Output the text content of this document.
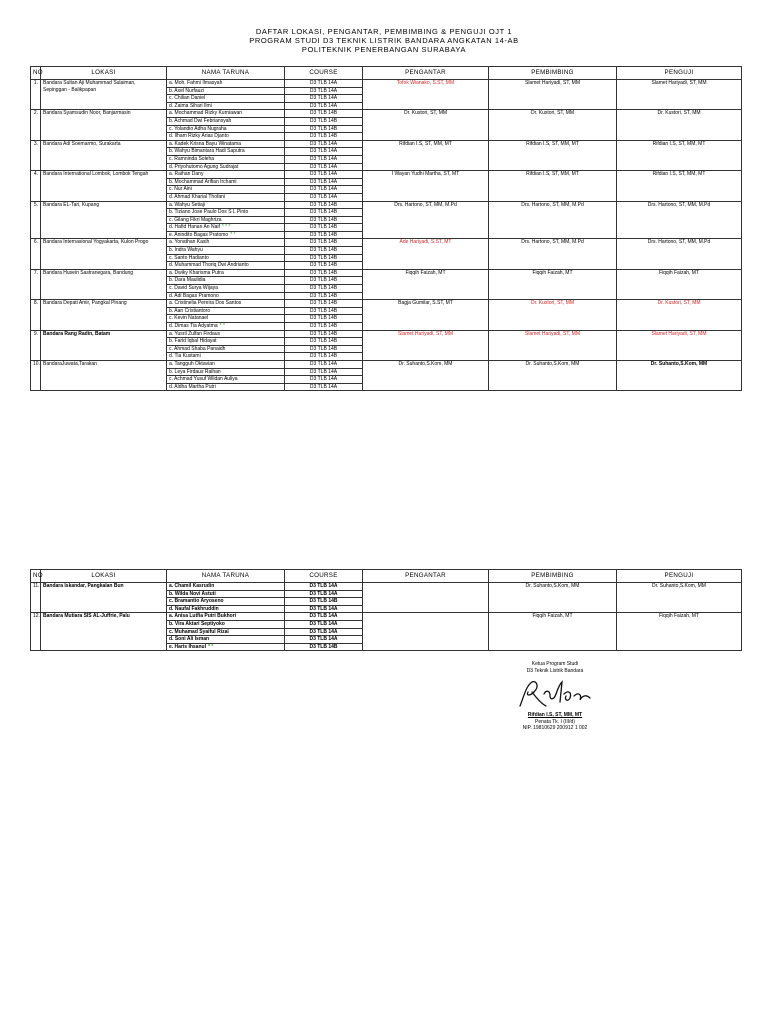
DAFTAR LOKASI, PENGANTAR, PEMBIMBING & PENGUJI OJT 1
PROGRAM STUDI D3 TEKNIK LISTRIK BANDARA ANGKATAN 14-AB
POLITEKNIK PENERBANGAN SURABAYA
NO	LOKASI	NAMA TARUNA	COURSE	PENGANTAR	PEMBIMBING	PENGUJI
1.	Bandara Sultan Aji Muhammad Sulaiman,
Sepinggan - Balikpapan	a. Moh. Fahmi Ilmasyah	D3 TLB 14A	Tofok Wianako, S.ST, MM	Slamet Hariyadi, ST, MM	Slamet Hariyadi, ST, MM
		b. Axel Nurfauzi	D3 TLB 14A			
		c. Chilian Daniel	D3 TLB 14A			
		d. Zaima Sihari Ilmi	D3 TLB 14A			
2.	Bandara Syamsudin Noor, Banjarmasin	a. Mochammad Rizky Kurniawan	D3 TLB 14B	Dr. Kustori, ST, MM	Dr. Kustori, ST, MM	Dr. Kustori, ST, MM
		b. Achmad Dwi Febriansyah	D3 TLB 14B			
		c. Yolandio Adha Nugraha	D3 TLB 14B			
		d. Ilham Rizky Arias Djanto	D3 TLB 14B			
3.	Bandara Adi Soemarmo, Surakarta	a. Kadek Krisna Bayu Winatama	D3 TLB 14A	Rifdian I.S, ST, MM, MT	Rifdian I.S, ST, MM, MT	Rifdian I.S, ST, MM, MT
		b. Wahyu Bimantara Hadi Saputra	D3 TLB 14A			
		c. Ramninda Soleha	D3 TLB 14A			
		d. Priyohutomo Agung Sudrajat	D3 TLB 14A			
4.	Bandara International Lombok, Lombok Tengah	a. Raihan Dany	D3 TLB 14A	I Wayan Yudhi Martha, ST, MT	Rifdian I.S, ST, MM, MT	Rifdian I.S, ST, MM, MT
		b. Mochammad Arifian Irchami	D3 TLB 14A			
		c. Nur Aini	D3 TLB 14A			
		d. Ahmad Kharial Thofani	D3 TLB 14A			
5.	Bandara EL-Tari, Kupang	a. Wahyu Setiaji	D3 TLB 14B	Drs. Hartono, ST, MM, M.Pd	Drs. Hartono, ST, MM, M.Pd	Drs. Hartono, ST, MM, M.Pd
		b. Tiziano Jose Paulo Dos S L Pinto	D3 TLB 14B			
		c. Gilang Fikri Maghriza	D3 TLB 14B			
		d. Hafid Hanan An Naif * * *	D3 TLB 14B			
		e. Anindito Bagas Pratomo * *	D3 TLB 14B			
6.	Bandara Internasional Yogyakarta, Kulon Progo	a. Yonathan Kasih	D3 TLB 14B	Ade Hariyadi, S.ST, MT	Drs. Hartono, ST, MM, M.Pd	Drs. Hartono, ST, MM, M.Pd
		b. Indra Wahyu	D3 TLB 14B			
		c. Santo Hadianto	D3 TLB 14B			
		d. Muhammad Thoriq Dwi Andrianto	D3 TLB 14B			
7.	Bandara Husein Sastranegara, Bandung	a. Dwiky Kharisma Putra	D3 TLB 14B	Fiqqih Faizah, MT	Fiqqih Faizah, MT	Fiqqih Faizah, MT
		b. Dara Maulidia	D3 TLB 14B			
		c. David Surya Wijaya	D3 TLB 14B			
		d. Adi Bagas Pramono	D3 TLB 14B			
8.	Bandara Depati Amir, Pangkal Pinang	a. Cristinelia Pereira Dos Santos	D3 TLB 14B	Bagja Gumilar, S.ST, MT	Dr. Kustori, ST, MM	Dr. Kustori, ST, MM
		b. Aan Cristiantoro	D3 TLB 14B			
		c. Kevin Natanael	D3 TLB 14B			
		d. Dimas Tia Adyatma * *	D3 TLB 14B			
9.	Bandara Rang Radin, Batam	a. Yusril Zulfan Firdaus	D3 TLB 14B	Slamet Hariyadi, ST, MM	Slamet Hariyadi, ST, MM	Slamet Hariyadi, ST, MM
		b. Farid Iqbal Hidayat	D3 TLB 14B			
		c. Ahmad Shaba Panaidh	D3 TLB 14B			
		d. Tia Kustami	D3 TLB 14B			
10.	BandaraJuwata,Tarakan	a. Tangguh Oktavian	D3 TLB 14A	Dr. Suhanto,S.Kom, MM	Dr. Suhanto,S.Kom, MM	Dr. Suhanto,S.Kom, MM
		b. Leya Firdaus Raihan	D3 TLB 14A			
		c. Achmad Yusuf Wildan Auliya	D3 TLB 14A			
		d. Aldha Martha Putri	D3 TLB 14A			
NO	LOKASI	NAMA TARUNA	COURSE	PENGANTAR	PEMBIMBING	PENGUJI
11.	Bandara Iskandar, Pangkalan Bun	a. Chamil Kasrudin	D3 TLB 14A		Dr. Suhanto,S.Kom, MM	Dr. Suhanto,S.Kom, MM
		b. Wilda Novi Astuti	D3 TLB 14A			
		c. Bramantio Aryoseno	D3 TLB 14B			
		d. Naufal Fakhruddin	D3 TLB 14A			
12.	Bandara Mutiara SIS AL-Juffrie, Palu	a. Anisa Lutfia Putri Bukhori	D3 TLB 14A		Fiqqih Faizah, MT	Fiqqih Faizah, MT
		b. Vira Aktari Septiyoko	D3 TLB 14A			
		c. Muhamad Syaiful Rizal	D3 TLB 14A			
		d. Soni Ali Isman	D3 TLB 14A			
		e. Haris Ihsanul * *	D3 TLB 14B			
Ketua Program Studi
D3 Teknik Listrik Bandara
Rifdian I.S, ST, MM, MT
Penata Tk. I (III/d)
NIP. 19810629 200912 1 002
